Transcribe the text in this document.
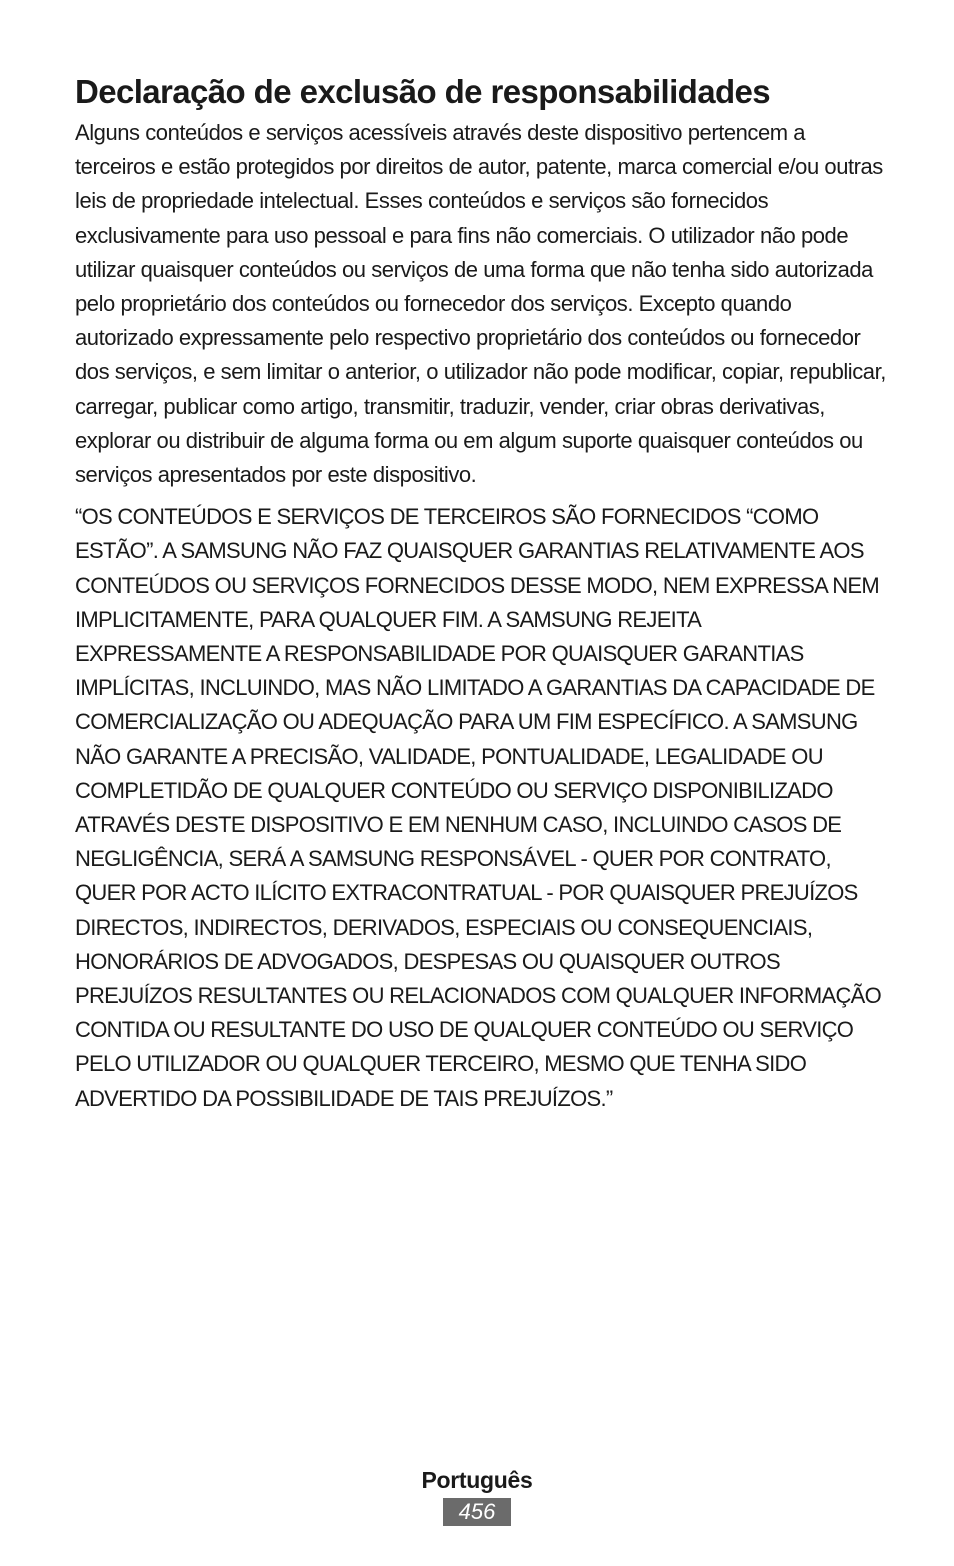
Declaração de exclusão de responsabilidades

Alguns conteúdos e serviços acessíveis através deste dispositivo pertencem a terceiros e estão protegidos por direitos de autor, patente, marca comercial e/ou outras leis de propriedade intelectual. Esses conteúdos e serviços são fornecidos exclusivamente para uso pessoal e para fins não comerciais. O utilizador não pode utilizar quaisquer conteúdos ou serviços de uma forma que não tenha sido autorizada pelo proprietário dos conteúdos ou fornecedor dos serviços. Excepto quando autorizado expressamente pelo respectivo proprietário dos conteúdos ou fornecedor dos serviços, e sem limitar o anterior, o utilizador não pode modificar, copiar, republicar, carregar, publicar como artigo, transmitir, traduzir, vender, criar obras derivativas, explorar ou distribuir de alguma forma ou em algum suporte quaisquer conteúdos ou serviços apresentados por este dispositivo.

“OS CONTEÚDOS E SERVIÇOS DE TERCEIROS SÃO FORNECIDOS “COMO ESTÃO”. A SAMSUNG NÃO FAZ QUAISQUER GARANTIAS RELATIVAMENTE AOS CONTEÚDOS OU SERVIÇOS FORNECIDOS DESSE MODO, NEM EXPRESSA NEM IMPLICITAMENTE, PARA QUALQUER FIM. A SAMSUNG REJEITA EXPRESSAMENTE A RESPONSABILIDADE POR QUAISQUER GARANTIAS IMPLÍCITAS, INCLUINDO, MAS NÃO LIMITADO A GARANTIAS DA CAPACIDADE DE COMERCIALIZAÇÃO OU ADEQUAÇÃO PARA UM FIM ESPECÍFICO. A SAMSUNG NÃO GARANTE A PRECISÃO, VALIDADE, PONTUALIDADE, LEGALIDADE OU COMPLETIDÃO DE QUALQUER CONTEÚDO OU SERVIÇO DISPONIBILIZADO ATRAVÉS DESTE DISPOSITIVO E EM NENHUM CASO, INCLUINDO CASOS DE NEGLIGÊNCIA, SERÁ A SAMSUNG RESPONSÁVEL - QUER POR CONTRATO, QUER POR ACTO ILÍCITO EXTRACONTRATUAL - POR QUAISQUER PREJUÍZOS DIRECTOS, INDIRECTOS, DERIVADOS, ESPECIAIS OU CONSEQUENCIAIS, HONORÁRIOS DE ADVOGADOS, DESPESAS OU QUAISQUER OUTROS PREJUÍZOS RESULTANTES OU RELACIONADOS COM QUALQUER INFORMAÇÃO CONTIDA OU RESULTANTE DO USO DE QUALQUER CONTEÚDO OU SERVIÇO PELO UTILIZADOR OU QUALQUER TERCEIRO, MESMO QUE TENHA SIDO ADVERTIDO DA POSSIBILIDADE DE TAIS PREJUÍZOS.”

Português
456
